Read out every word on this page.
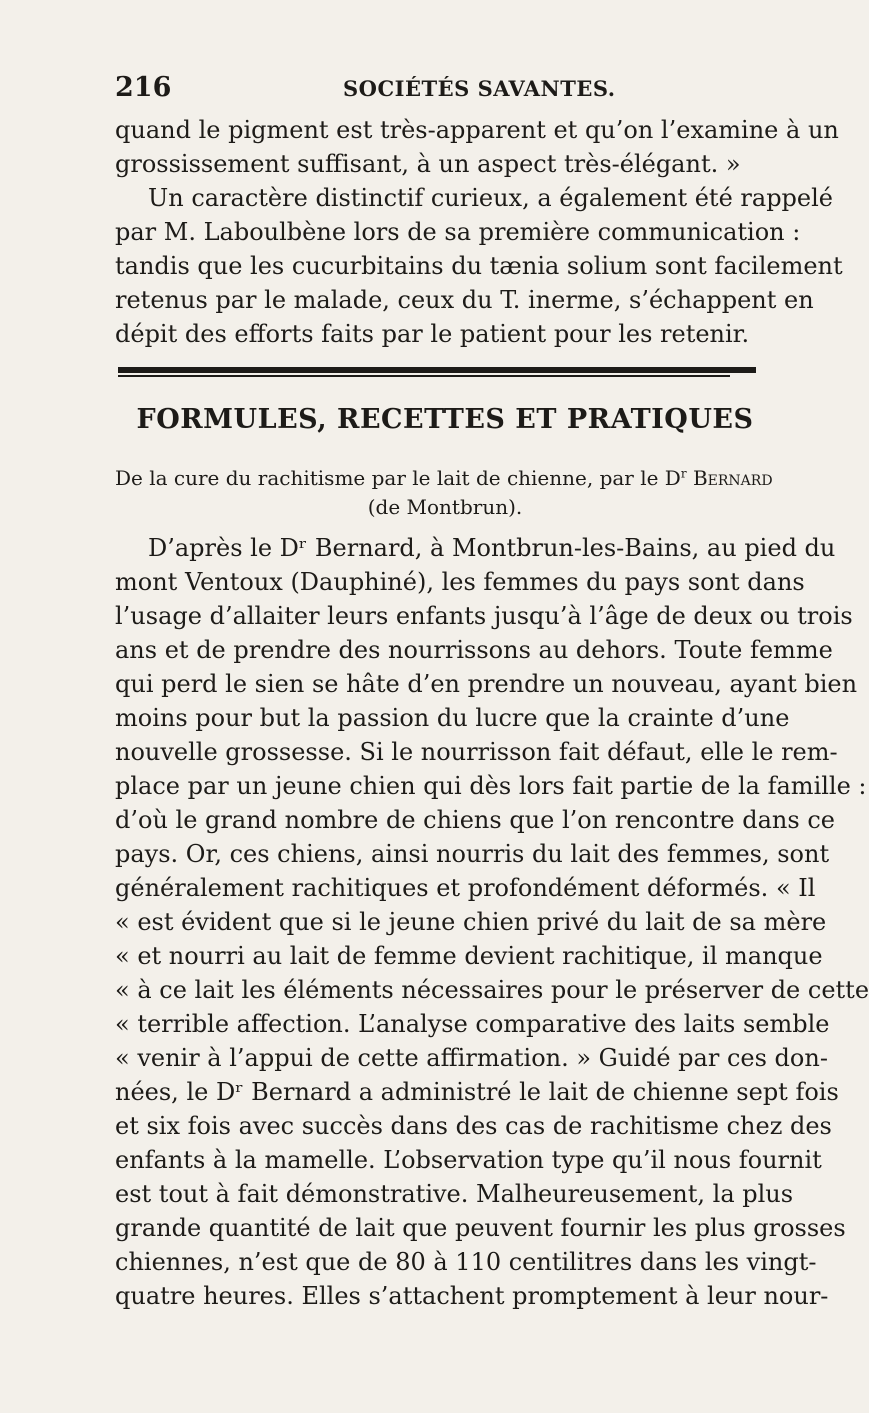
216	SOCIÉTÉS SAVANTES.
quand le pigment est très-apparent et qu’on l’examine à un
grossissement suffisant, à un aspect très-élégant. »
Un caractère distinctif curieux, a également été rappelé
par M. Laboulbène lors de sa première communication :
tandis que les cucurbitains du tænia solium sont facilement
retenus par le malade, ceux du T. inerme, s’échappent en
dépit des efforts faits par le patient pour les retenir.
FORMULES, RECETTES ET PRATIQUES
De la cure du rachitisme par le lait de chienne, par le $D^r$ Bernard
(de Montbrun).
D’après le Dʳ Bernard, à Montbrun-les-Bains, au pied du
mont Ventoux (Dauphiné), les femmes du pays sont dans
l’usage d’allaiter leurs enfants jusqu’à l’âge de deux ou trois
ans et de prendre des nourrissons au dehors. Toute femme
qui perd le sien se hâte d’en prendre un nouveau, ayant bien
moins pour but la passion du lucre que la crainte d’une
nouvelle grossesse. Si le nourrisson fait défaut, elle le rem-
place par un jeune chien qui dès lors fait partie de la famille :
d’où le grand nombre de chiens que l’on rencontre dans ce
pays. Or, ces chiens, ainsi nourris du lait des femmes, sont
généralement rachitiques et profondément déformés. « Il
« est évident que si le jeune chien privé du lait de sa mère
« et nourri au lait de femme devient rachitique, il manque
« à ce lait les éléments nécessaires pour le préserver de cette
« terrible affection. L’analyse comparative des laits semble
« venir à l’appui de cette affirmation. » Guidé par ces don-
nées, le Dʳ Bernard a administré le lait de chienne sept fois
et six fois avec succès dans des cas de rachitisme chez des
enfants à la mamelle. L’observation type qu’il nous fournit
est tout à fait démonstrative. Malheureusement, la plus
grande quantité de lait que peuvent fournir les plus grosses
chiennes, n’est que de 80 à 110 centilitres dans les vingt-
quatre heures. Elles s’attachent promptement à leur nour-
